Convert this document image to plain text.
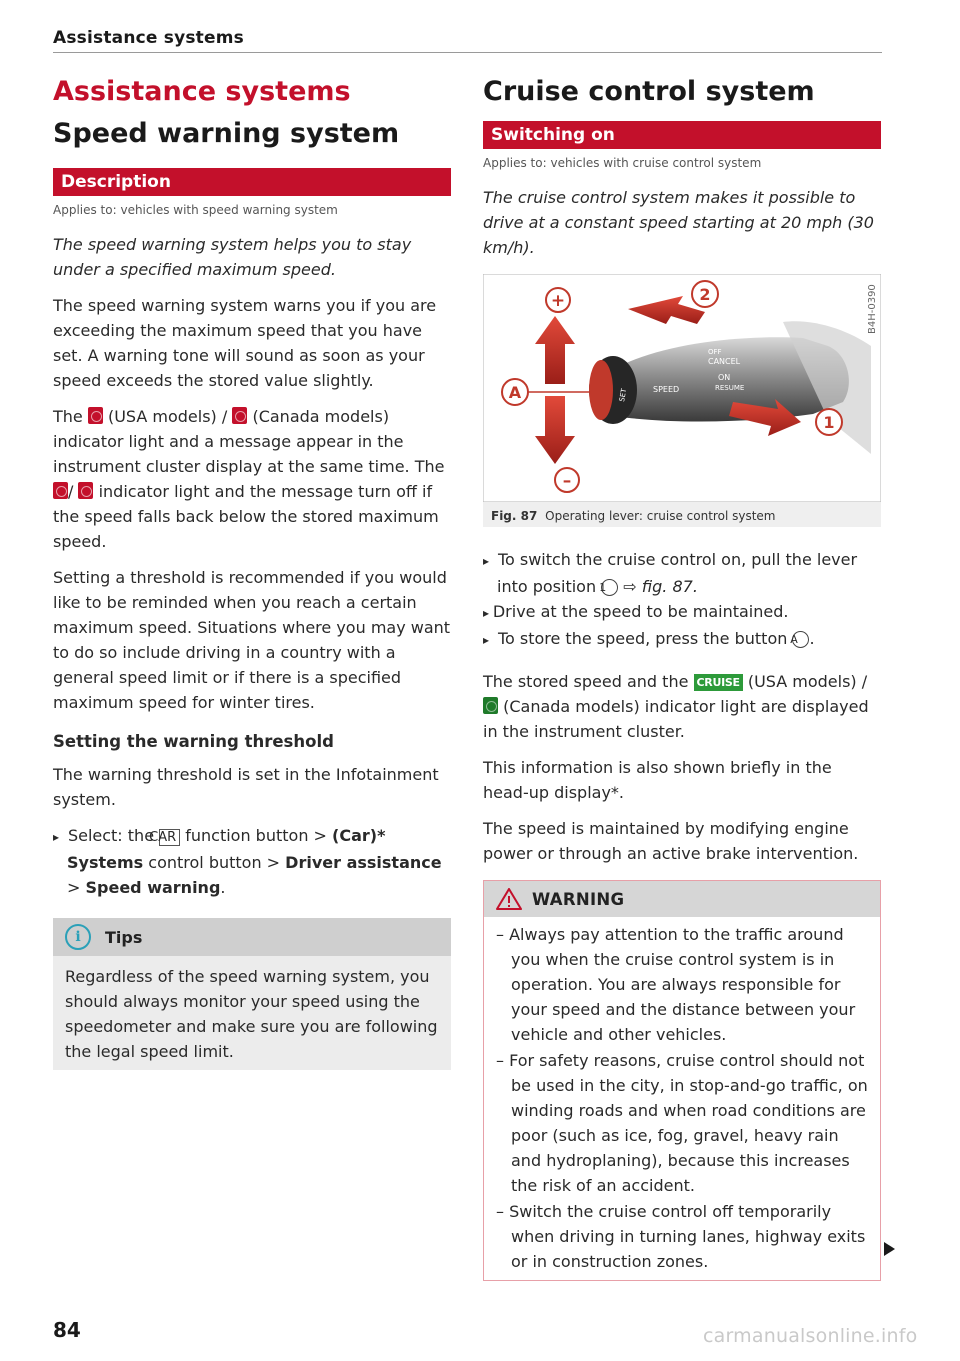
Assistance systems
Assistance systems
Speed warning system
Description
Applies to: vehicles with speed warning system
The speed warning system helps you to stay under a specified maximum speed.

The speed warning system warns you if you are exceeding the maximum speed that you have set. A warning tone will sound as soon as your speed exceeds the stored value slightly.

The (USA models) / (Canada models) indicator light and a message appear in the instrument cluster display at the same time. The / indicator light and the message turn off if the speed falls back below the stored maximum speed.

Setting a threshold is recommended if you would like to be reminded when you reach a certain maximum speed. Situations where you may want to do so include driving in a country with a general speed limit or if there is a specified maximum speed for winter tires.

Setting the warning threshold

The warning threshold is set in the Infotainment system.

▸ Select: the CAR function button > (Car)* Systems control button > Driver assistance > Speed warning.
i	Tips
Regardless of the speed warning system, you should always monitor your speed using the speedometer and make sure you are following the legal speed limit.
Cruise control system
Switching on
Applies to: vehicles with cruise control system
The cruise control system makes it possible to drive at a constant speed starting at 20 mph (30 km/h).
SET	SPEED
CANCEL
OFF
ON
RESUME
+
–
A
2
1
B4H-0390
Fig. 87 Operating lever: cruise control system
▸ To switch the cruise control on, pull the lever into position 1 ⇨ fig. 87.
▸ Drive at the speed to be maintained.
▸ To store the speed, press the button A .

The stored speed and the CRUISE (USA models) /  (Canada models) indicator light are displayed in the instrument cluster.

This information is also shown briefly in the head-up display*.

The speed is maintained by modifying engine power or through an active brake intervention.

WARNING
– Always pay attention to the traffic around you when the cruise control system is in operation. You are always responsible for your speed and the distance between your vehicle and other vehicles.
– For safety reasons, cruise control should not be used in the city, in stop-and-go traffic, on winding roads and when road conditions are poor (such as ice, fog, gravel, heavy rain and hydroplaning), because this increases the risk of an accident.
– Switch the cruise control off temporarily when driving in turning lanes, highway exits or in construction zones.
84	carmanualsonline.info
